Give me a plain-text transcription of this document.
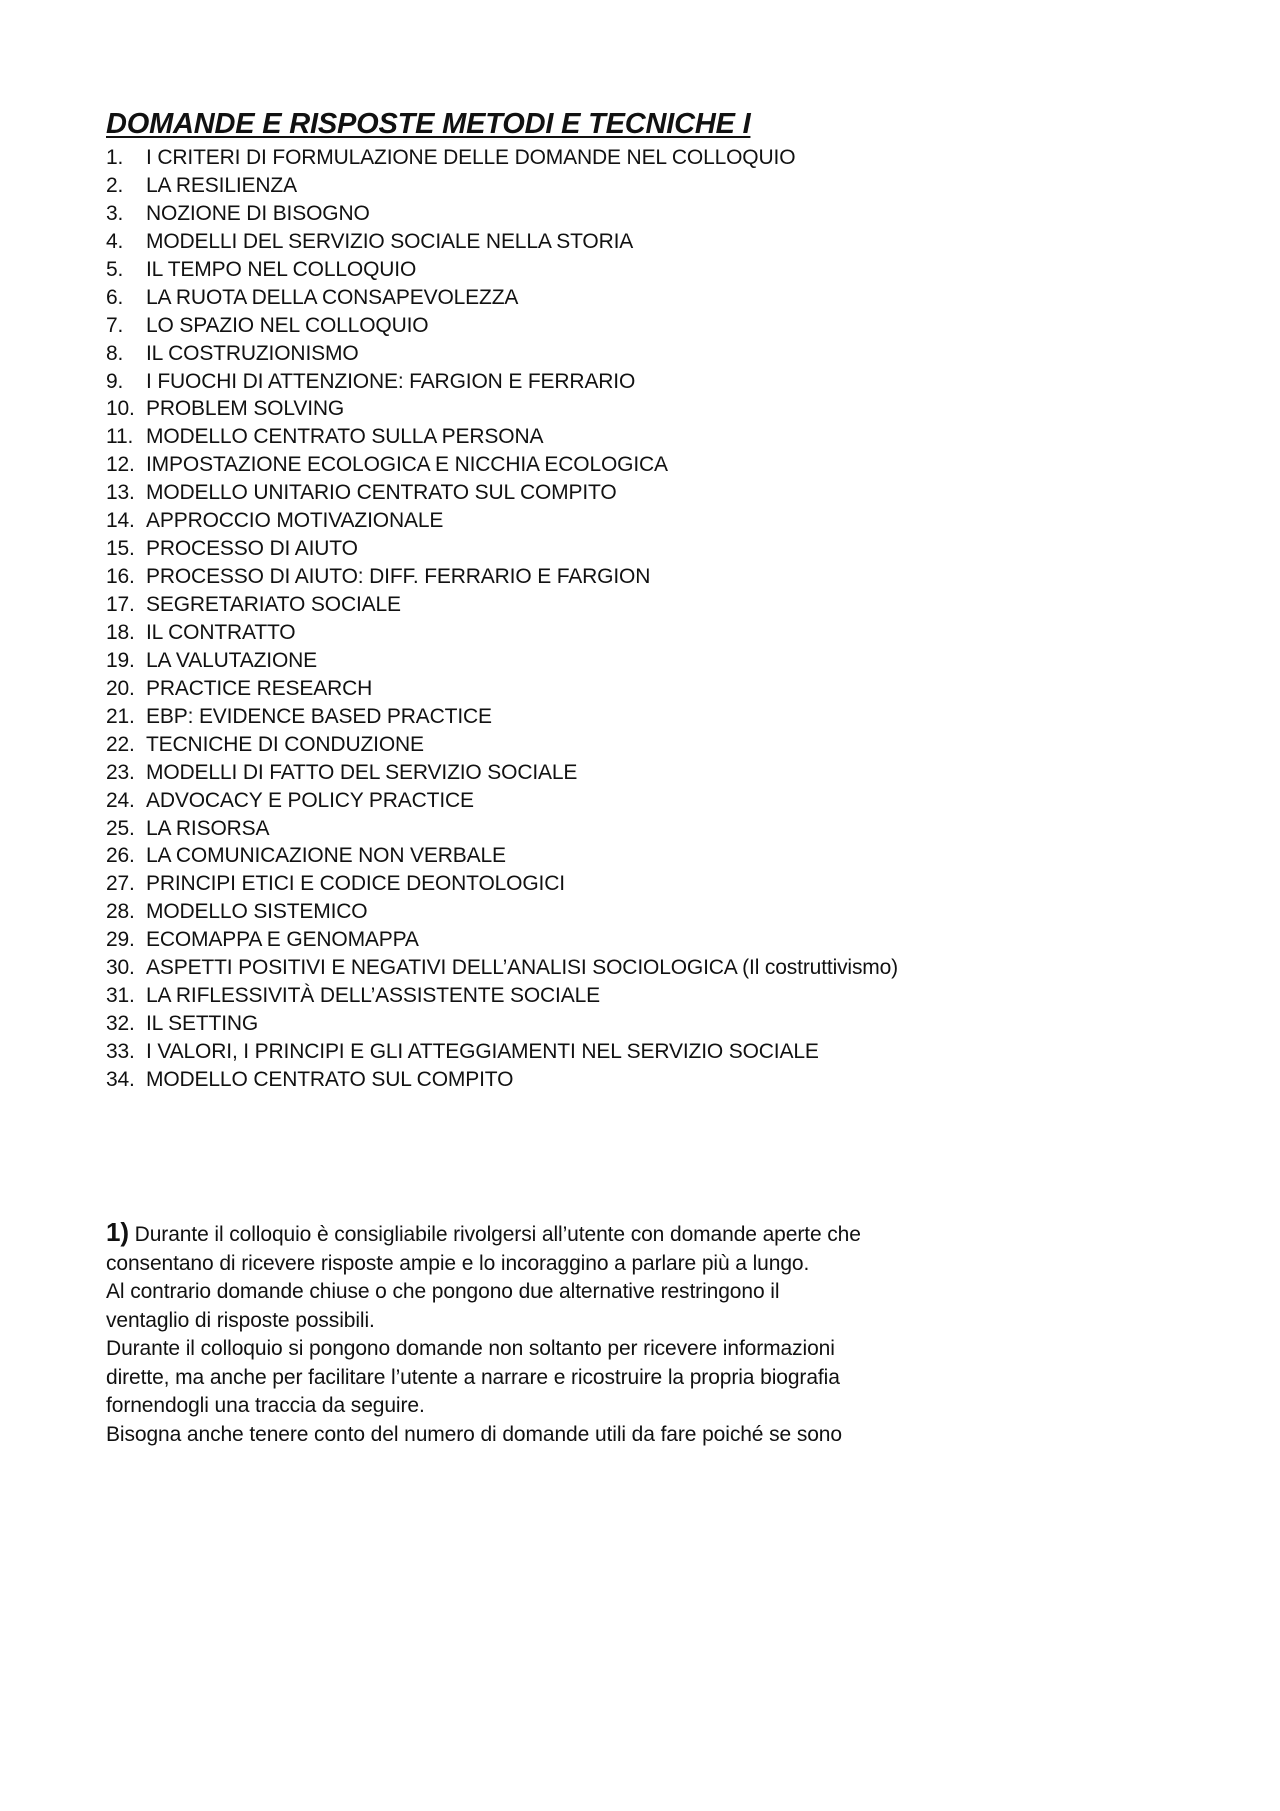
DOMANDE E RISPOSTE METODI E TECNICHE I
1. I CRITERI DI FORMULAZIONE DELLE DOMANDE NEL COLLOQUIO
2. LA RESILIENZA
3. NOZIONE DI BISOGNO
4. MODELLI DEL SERVIZIO SOCIALE NELLA STORIA
5. IL TEMPO NEL COLLOQUIO
6. LA RUOTA DELLA CONSAPEVOLEZZA
7. LO SPAZIO NEL COLLOQUIO
8. IL COSTRUZIONISMO
9. I FUOCHI DI ATTENZIONE: FARGION E FERRARIO
10. PROBLEM SOLVING
11. MODELLO CENTRATO SULLA PERSONA
12. IMPOSTAZIONE ECOLOGICA E NICCHIA ECOLOGICA
13. MODELLO UNITARIO CENTRATO SUL COMPITO
14. APPROCCIO MOTIVAZIONALE
15. PROCESSO DI AIUTO
16. PROCESSO DI AIUTO: DIFF. FERRARIO E FARGION
17. SEGRETARIATO SOCIALE
18. IL CONTRATTO
19. LA VALUTAZIONE
20. PRACTICE RESEARCH
21. EBP: EVIDENCE BASED PRACTICE
22. TECNICHE DI CONDUZIONE
23. MODELLI DI FATTO DEL SERVIZIO SOCIALE
24. ADVOCACY E POLICY PRACTICE
25. LA RISORSA
26. LA COMUNICAZIONE NON VERBALE
27. PRINCIPI ETICI E CODICE DEONTOLOGICI
28. MODELLO SISTEMICO
29. ECOMAPPA E GENOMAPPA
30. ASPETTI POSITIVI E NEGATIVI DELL’ANALISI SOCIOLOGICA (Il costruttivismo)
31. LA RIFLESSIVITÀ DELL’ASSISTENTE SOCIALE
32. IL SETTING
33. I VALORI, I PRINCIPI E GLI ATTEGGIAMENTI NEL SERVIZIO SOCIALE
34. MODELLO CENTRATO SUL COMPITO
1) Durante il colloquio è consigliabile rivolgersi all’utente con domande aperte che
consentano di ricevere risposte ampie e lo incoraggino a parlare più a lungo.
Al contrario domande chiuse o che pongono due alternative restringono il
ventaglio di risposte possibili.
Durante il colloquio si pongono domande non soltanto per ricevere informazioni
dirette, ma anche per facilitare l’utente a narrare e ricostruire la propria biografia
fornendogli una traccia da seguire.
Bisogna anche tenere conto del numero di domande utili da fare poiché se sono
